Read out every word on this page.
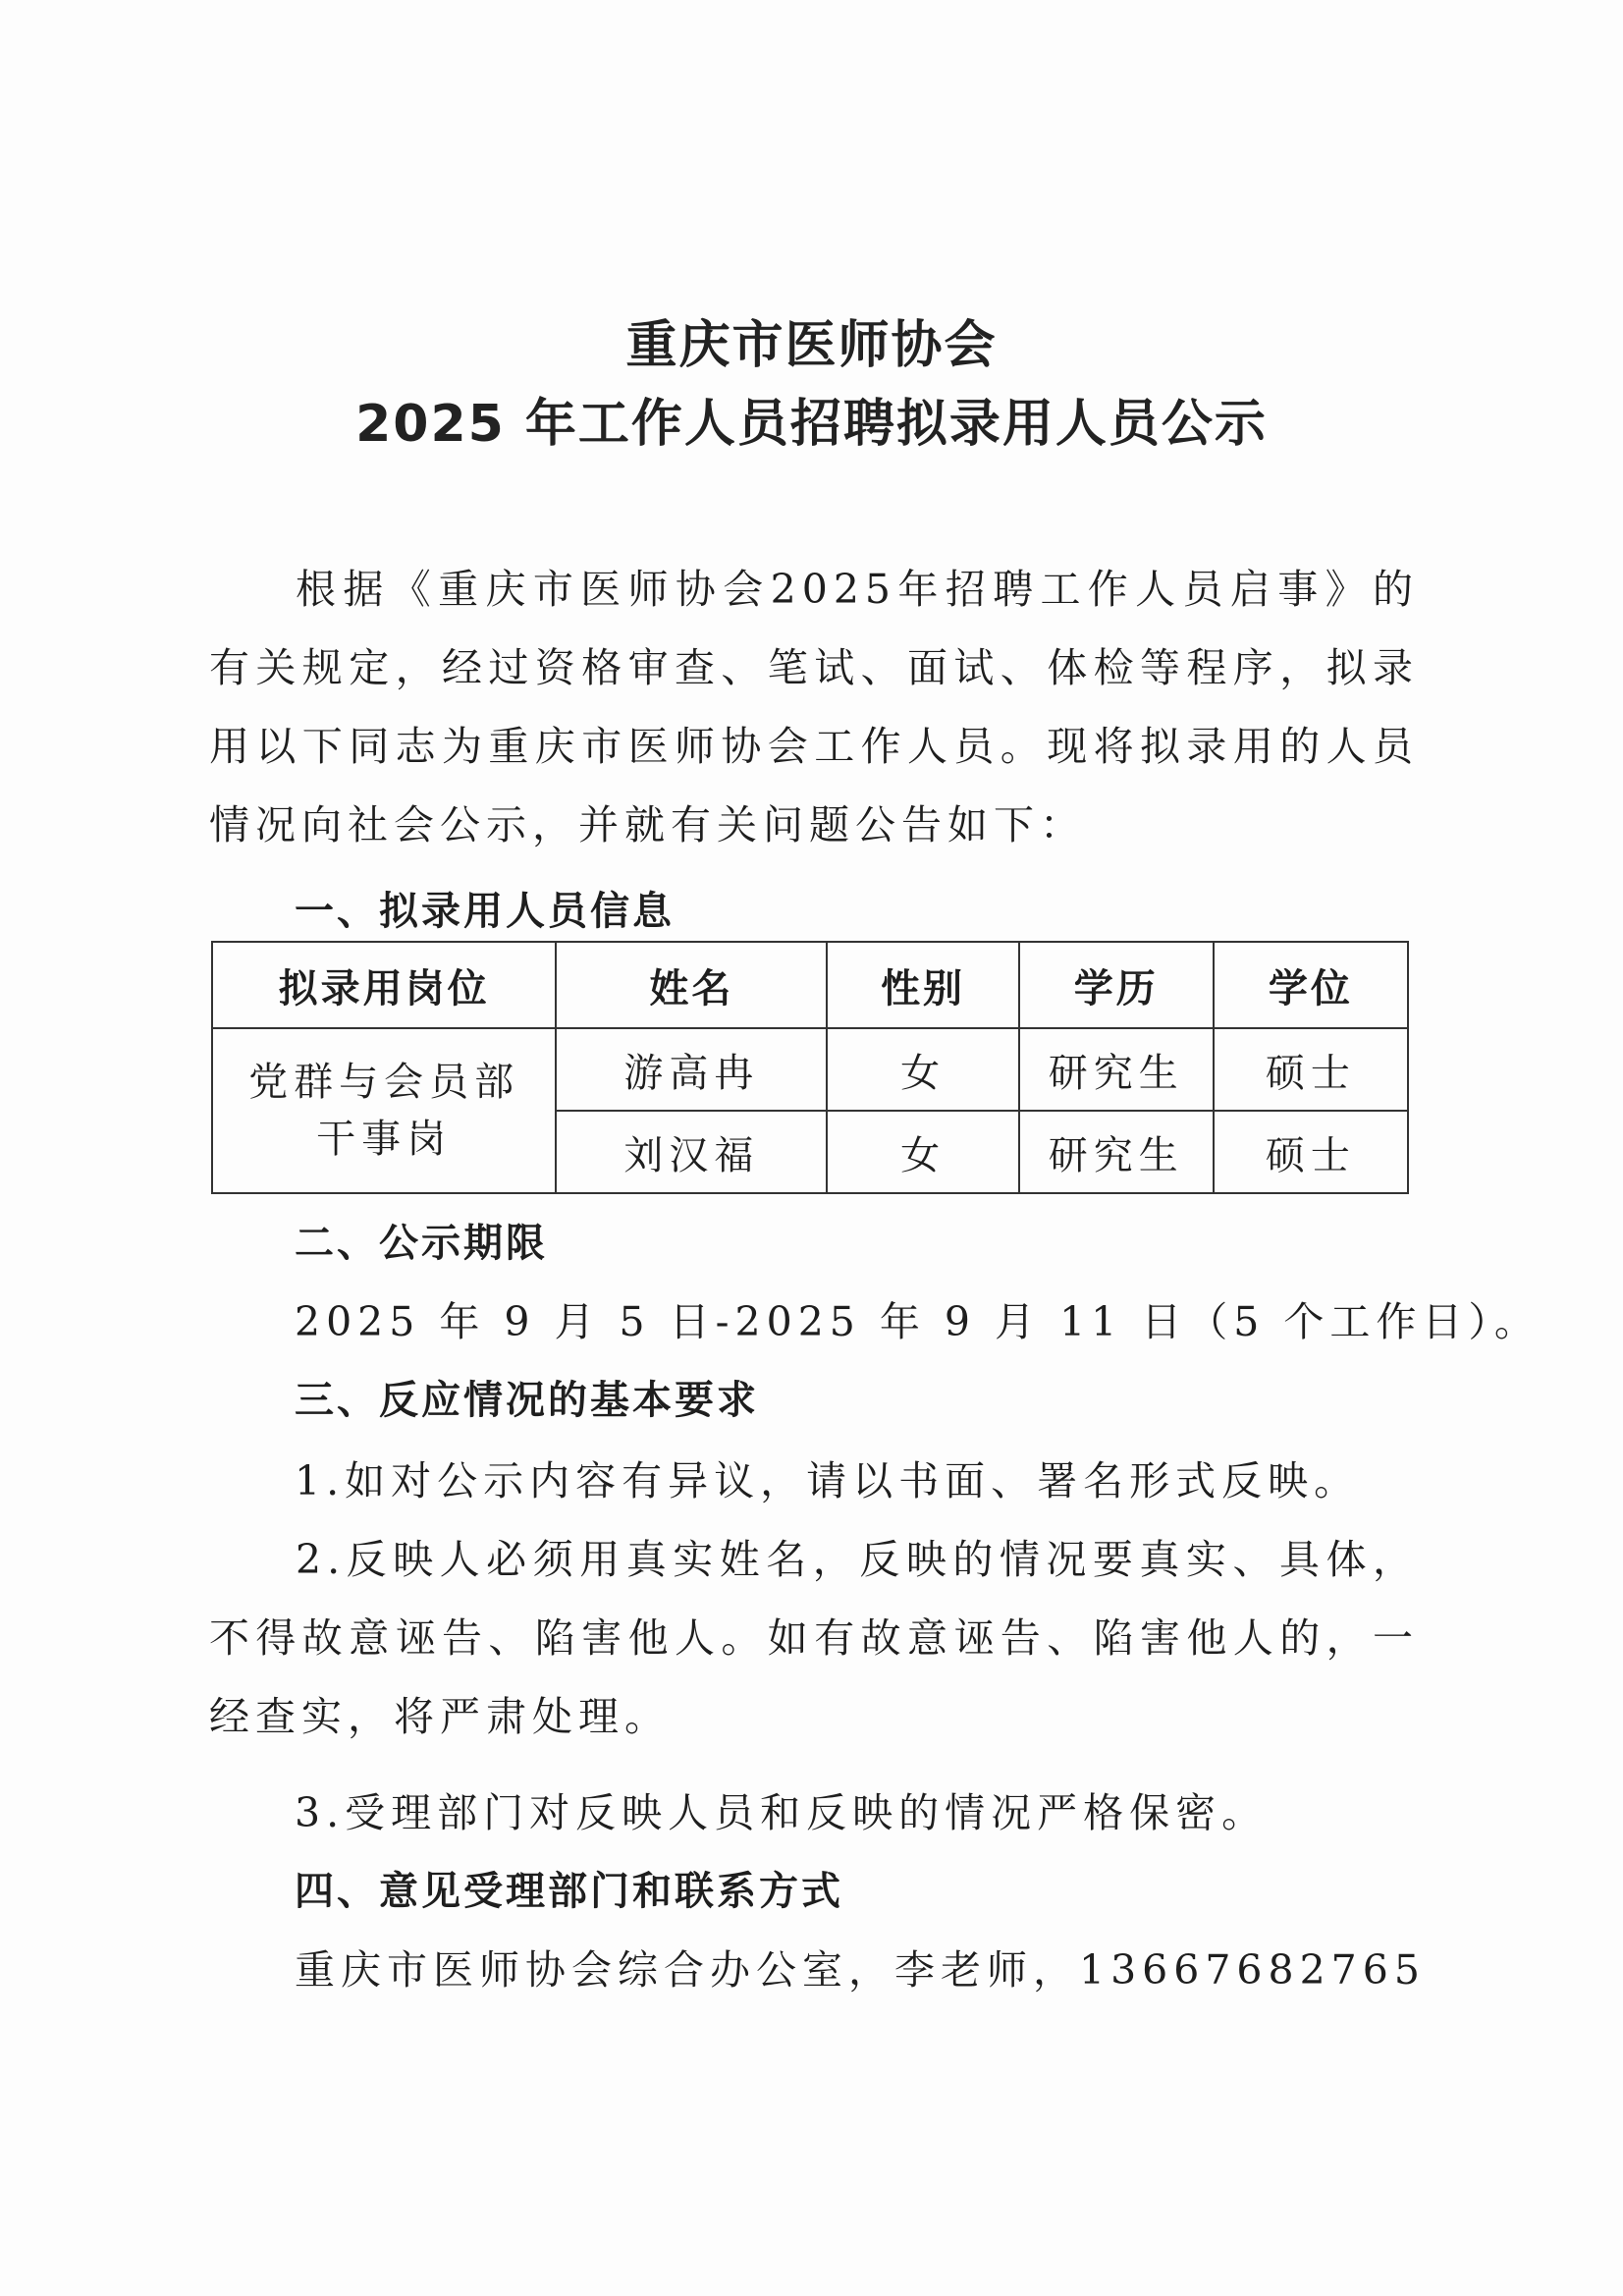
重庆市医师协会
2025 年工作人员招聘拟录用人员公示

根据《重庆市医师协会2025年招聘工作人员启事》的有关规定，经过资格审查、笔试、面试、体检等程序，拟录用以下同志为重庆市医师协会工作人员。现将拟录用的人员情况向社会公示，并就有关问题公告如下：

一、拟录用人员信息
拟录用岗位	姓名	性别	学历	学位

党群与会员部
干事岗	游高冉	女	研究生	硕士
	刘汉福	女	研究生	硕士
二、公示期限
2025 年 9 月 5 日-2025 年 9 月 11 日（5 个工作日）。
三、反应情况的基本要求
1.如对公示内容有异议，请以书面、署名形式反映。

2.反映人必须用真实姓名，反映的情况要真实、具体，不得故意诬告、陷害他人。如有故意诬告、陷害他人的，一经查实，将严肃处理。

3.受理部门对反映人员和反映的情况严格保密。
四、意见受理部门和联系方式
重庆市医师协会综合办公室，李老师，13667682765
